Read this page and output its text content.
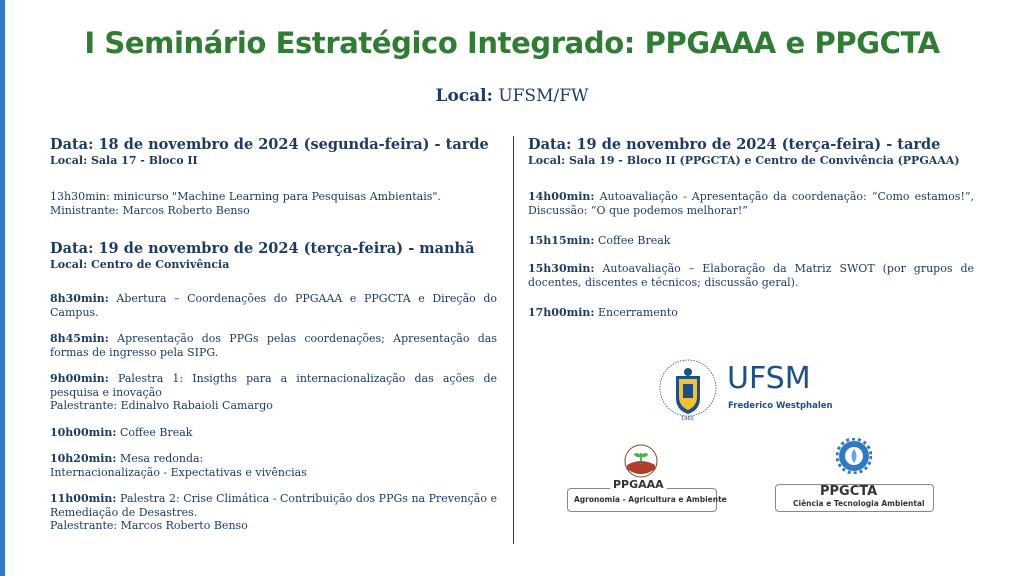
I Seminário Estratégico Integrado: PPGAAA e PPGCTA
Local: UFSM/FW
Data: 18 de novembro de 2024 (segunda-feira) - tarde
Local: Sala 17 - Bloco II

13h30min: minicurso "Machine Learning para Pesquisas Ambientais".

Ministrante: Marcos Roberto Benso

Data: 19 de novembro de 2024 (terça-feira) - manhã
Local: Centro de Convivência

8h30min: Abertura – Coordenações do PPGAAA e PPGCTA e Direção do Campus.

8h45min: Apresentação dos PPGs pelas coordenações; Apresentação das formas de ingresso pela SIPG.

9h00min: Palestra 1: Insigths para a internacionalização das ações de pesquisa e inovação

Palestrante: Edinalvo Rabaioli Camargo

10h00min: Coffee Break

10h20min: Mesa redonda:

Internacionalização - Expectativas e vivências

11h00min: Palestra 2: Crise Climática - Contribuição dos PPGs na Prevenção e Remediação de Desastres.

Palestrante: Marcos Roberto Benso

Data: 19 de novembro de 2024 (terça-feira) - tarde
Local: Sala 19 - Bloco II (PPGCTA) e Centro de Convivência (PPGAAA)

14h00min: Autoavaliação - Apresentação da coordenação: “Como estamos!”, Discussão: “O que podemos melhorar!”

15h15min: Coffee Break

15h30min: Autoavaliação – Elaboração da Matriz SWOT (por grupos de docentes, discentes e técnicos; discussão geral).

17h00min: Encerramento

1960
UFSM
Frederico Westphalen
Agronomia - Agricultura e Ambiente
PPGAAA	PPGCTA
Ciência e Tecnologia Ambiental
